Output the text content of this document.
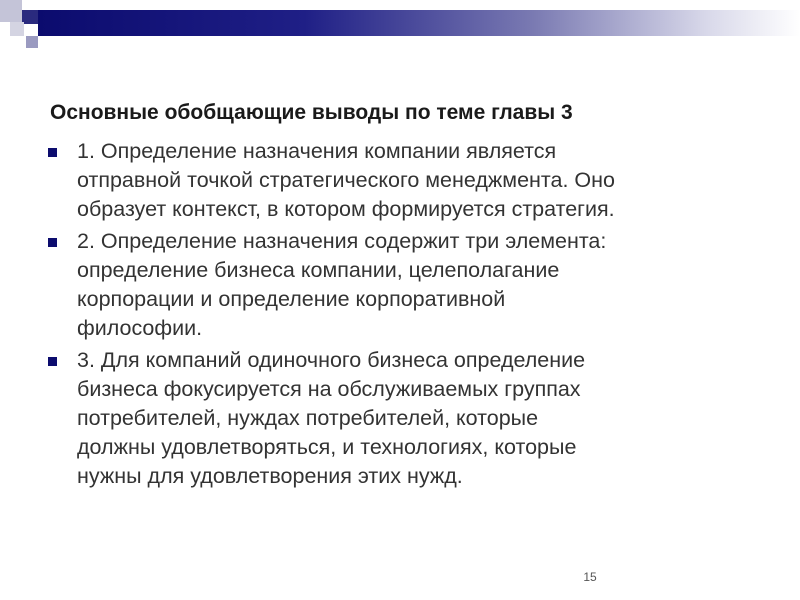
Основные обобщающие выводы по теме главы 3
1. Определение назначения компании является
отправной точкой стратегического менеджмента. Оно
образует контекст, в котором формируется стратегия.
2. Определение назначения содержит три элемента:
определение бизнеса компании, целеполагание
корпорации и определение корпоративной
философии.
3. Для компаний одиночного бизнеса определение
бизнеса фокусируется на обслуживаемых группах
потребителей, нуждах потребителей, которые
должны удовлетворяться, и технологиях, которые
нужны для удовлетворения этих нужд.
15
